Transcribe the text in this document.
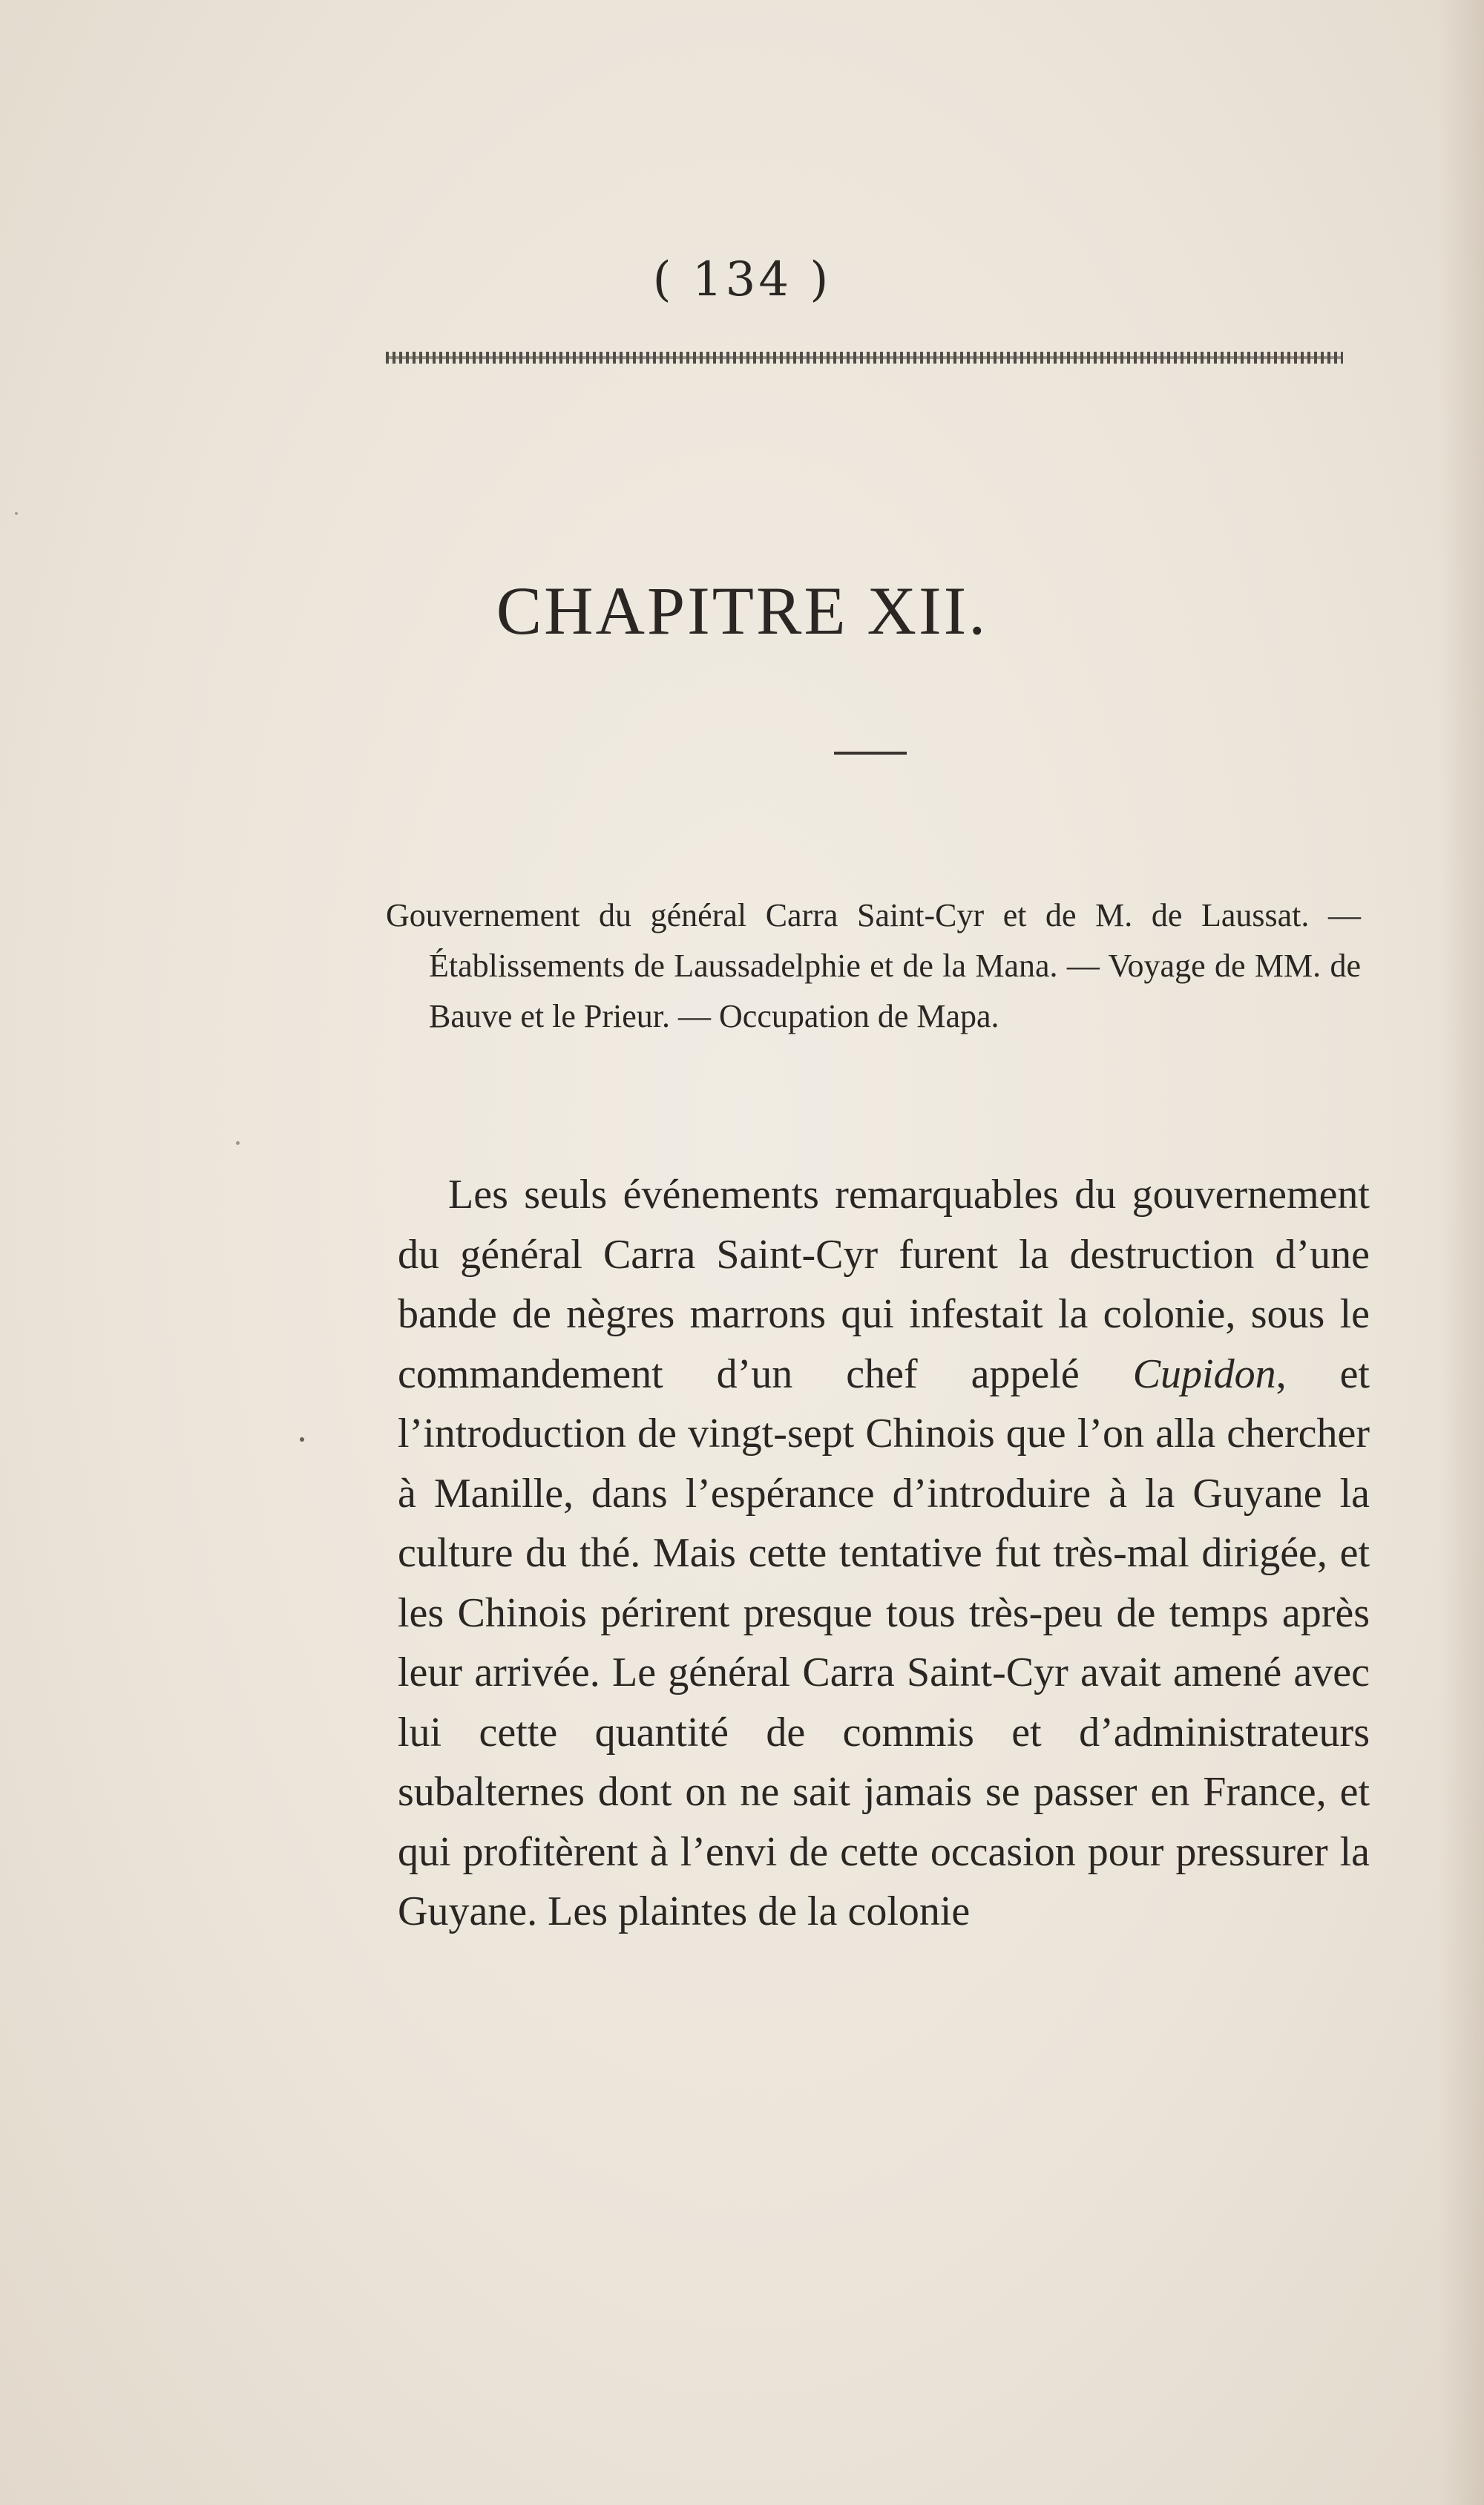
( 134 )
CHAPITRE XII.
Gouvernement du général Carra Saint-Cyr et de M. de Laussat. — Établissements de Laussadelphie et de la Mana. — Voyage de MM. de Bauve et le Prieur. — Occupation de Mapa.
Les seuls événements remarquables du gouvernement du général Carra Saint-Cyr furent la destruction d’une bande de nègres marrons qui infestait la colonie, sous le commandement d’un chef appelé Cupidon, et l’introduction de vingt-sept Chinois que l’on alla chercher à Manille, dans l’espérance d’introduire à la Guyane la culture du thé. Mais cette tentative fut très-mal dirigée, et les Chinois périrent presque tous très-peu de temps après leur arrivée. Le général Carra Saint-Cyr avait amené avec lui cette quantité de commis et d’administrateurs subalternes dont on ne sait jamais se passer en France, et qui profitèrent à l’envi de cette occasion pour pressurer la Guyane. Les plaintes de la colonie
